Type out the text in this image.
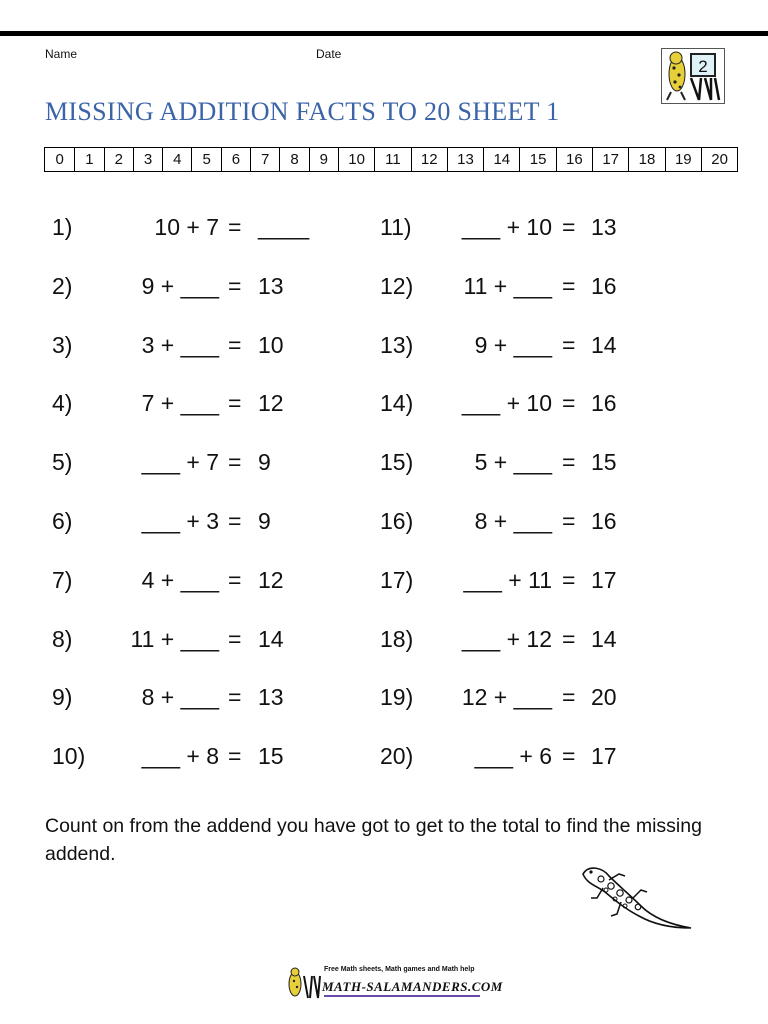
Name	Date
MISSING ADDITION FACTS TO 20 SHEET 1
2
0	1	2	3	4	5	6	7	8	9	10	11	12	13	14	15	16	17	18	19	20
1)	10 + 7 = ____
2)	9 + ___ = 13
3)	3 + ___ = 10
4)	7 + ___ = 12
5)	___ + 7 = 9
6)	___ + 3 = 9
7)	4 + ___ = 12
8)	11 + ___ = 14
9)	8 + ___ = 13
10)	___ + 8 = 15
11)	___ + 10 = 13
12)	11 + ___ = 16
13)	9 + ___ = 14
14)	___ + 10 = 16
15)	5 + ___ = 15
16)	8 + ___ = 16
17)	___ + 11 = 17
18)	___ + 12 = 14
19)	12 + ___ = 20
20)	___ + 6 = 17
Count on from the addend you have got to get to the total to find the missing addend.
Free Math sheets, Math games and Math help
MATH-SALAMANDERS.COM
